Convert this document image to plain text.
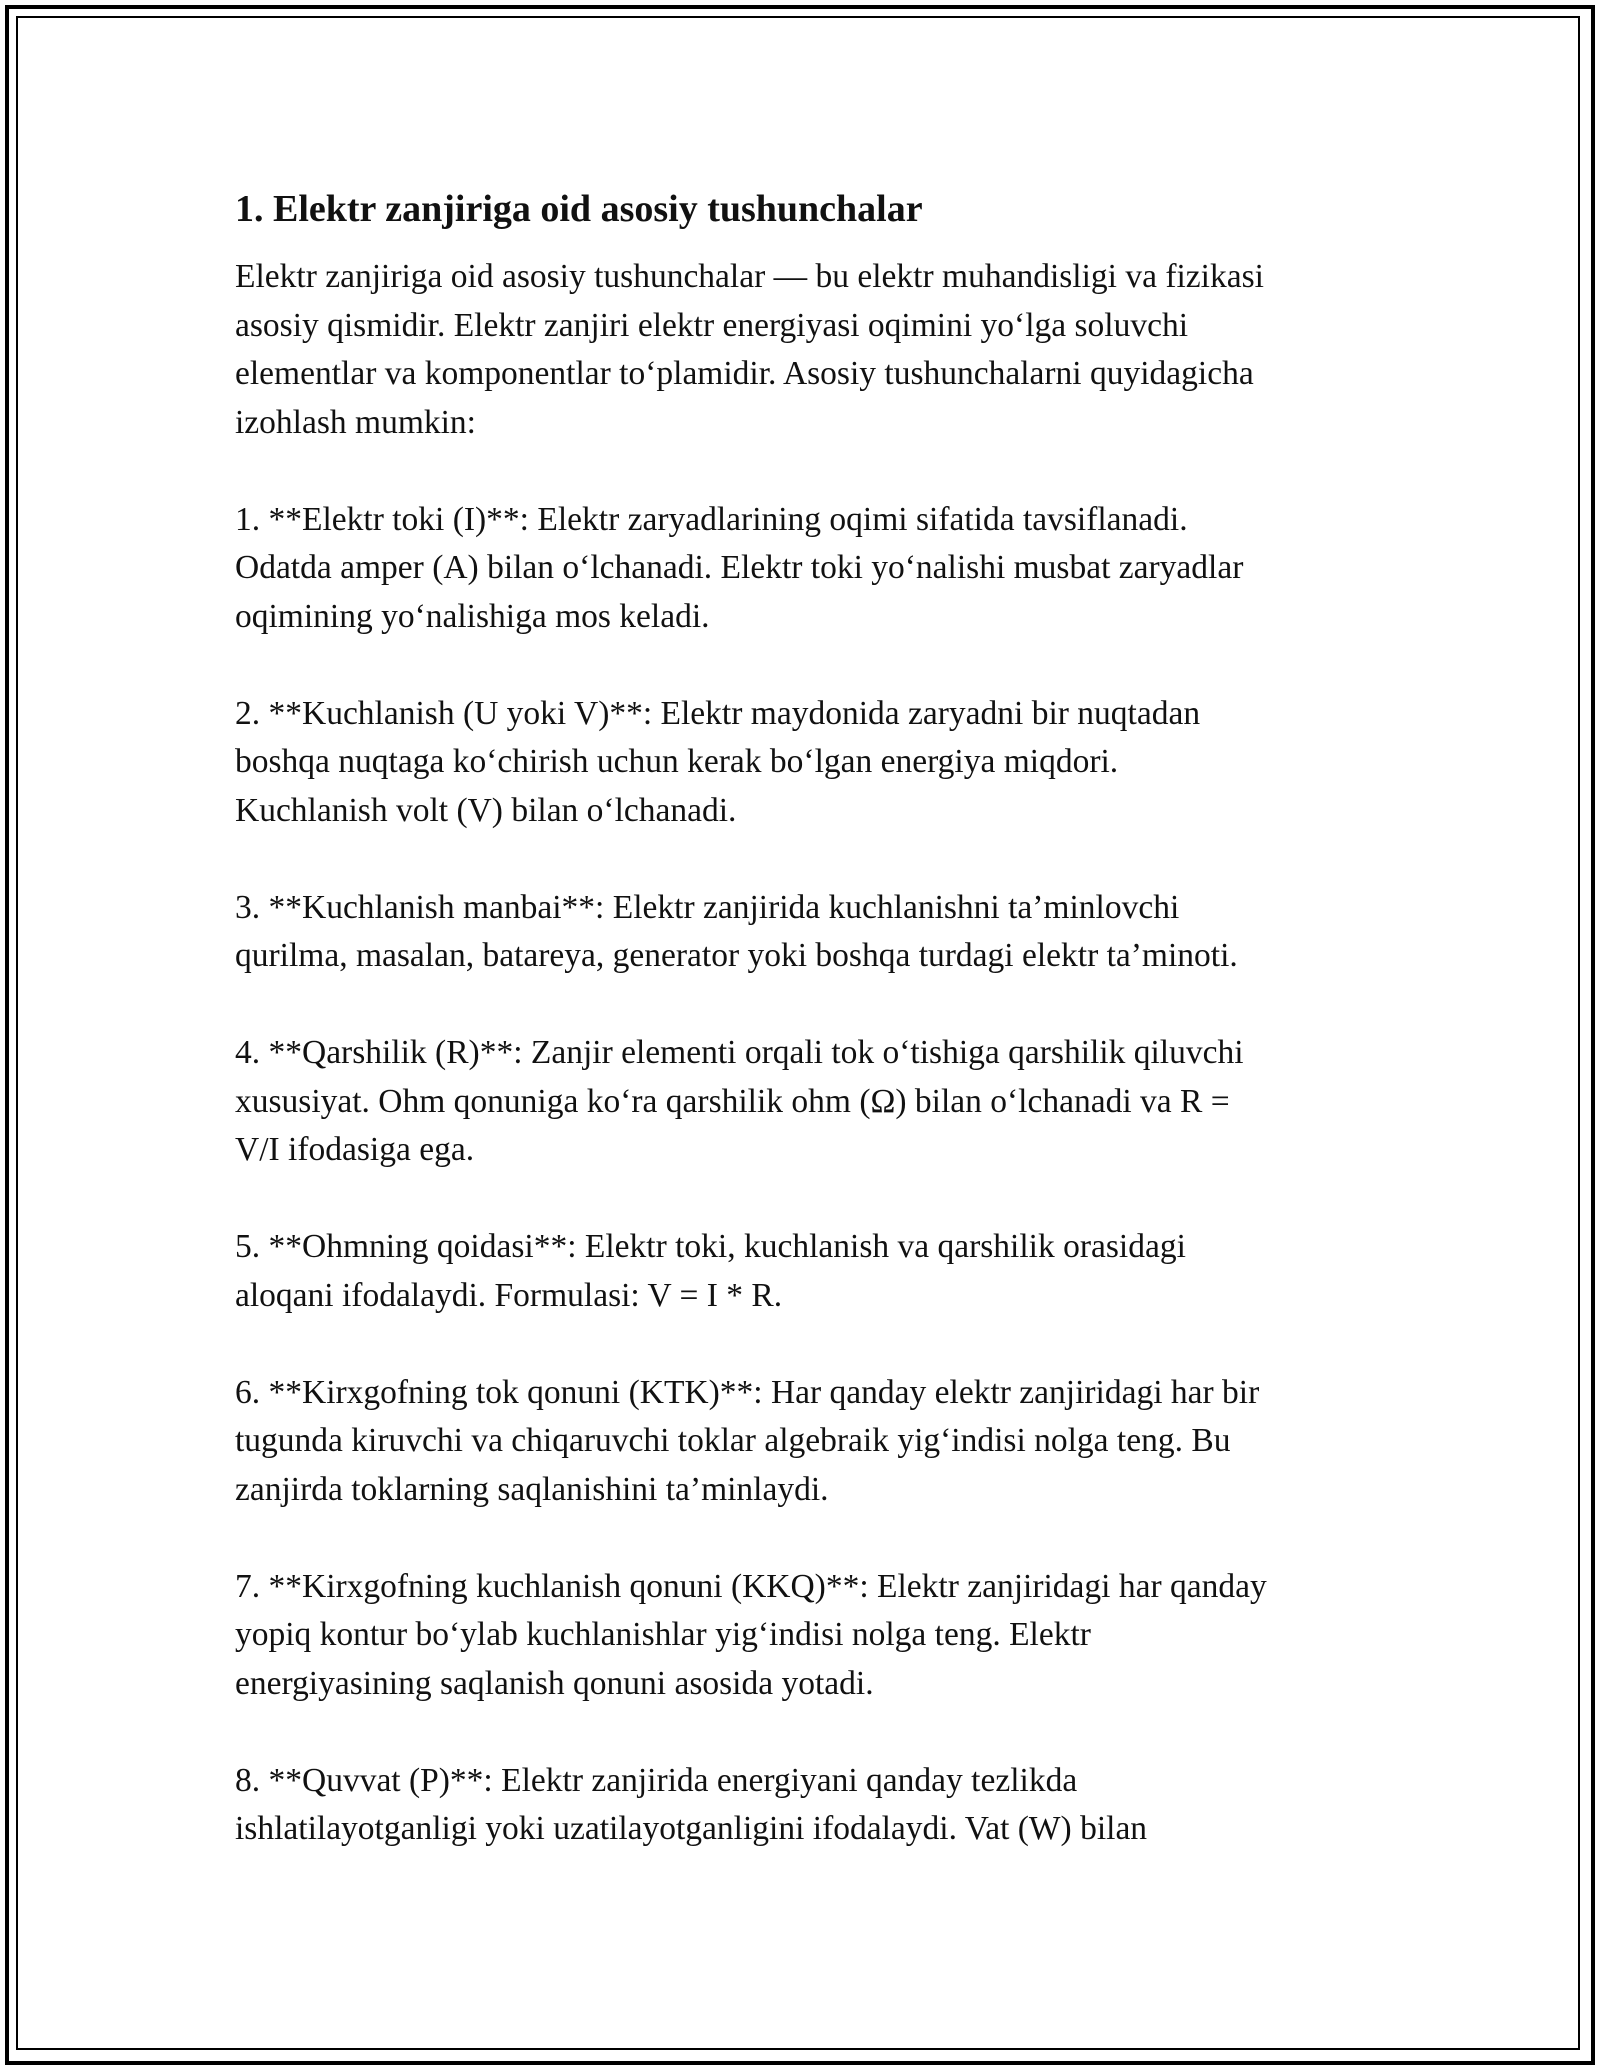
1. Elektr zanjiriga oid asosiy tushunchalar

Elektr zanjiriga oid asosiy tushunchalar — bu elektr muhandisligi va fizikasi
asosiy qismidir. Elektr zanjiri elektr energiyasi oqimini yo‘lga soluvchi
elementlar va komponentlar to‘plamidir. Asosiy tushunchalarni quyidagicha
izohlash mumkin:

1. **Elektr toki (I)**: Elektr zaryadlarining oqimi sifatida tavsiflanadi.
Odatda amper (A) bilan o‘lchanadi. Elektr toki yo‘nalishi musbat zaryadlar
oqimining yo‘nalishiga mos keladi.

2. **Kuchlanish (U yoki V)**: Elektr maydonida zaryadni bir nuqtadan
boshqa nuqtaga ko‘chirish uchun kerak bo‘lgan energiya miqdori.
Kuchlanish volt (V) bilan o‘lchanadi.

3. **Kuchlanish manbai**: Elektr zanjirida kuchlanishni ta’minlovchi
qurilma, masalan, batareya, generator yoki boshqa turdagi elektr ta’minoti.

4. **Qarshilik (R)**: Zanjir elementi orqali tok o‘tishiga qarshilik qiluvchi
xususiyat. Ohm qonuniga ko‘ra qarshilik ohm (Ω) bilan o‘lchanadi va R =
V/I ifodasiga ega.

5. **Ohmning qoidasi**: Elektr toki, kuchlanish va qarshilik orasidagi
aloqani ifodalaydi. Formulasi: V = I * R.

6. **Kirxgofning tok qonuni (KTK)**: Har qanday elektr zanjiridagi har bir
tugunda kiruvchi va chiqaruvchi toklar algebraik yig‘indisi nolga teng. Bu
zanjirda toklarning saqlanishini ta’minlaydi.

7. **Kirxgofning kuchlanish qonuni (KKQ)**: Elektr zanjiridagi har qanday
yopiq kontur bo‘ylab kuchlanishlar yig‘indisi nolga teng. Elektr
energiyasining saqlanish qonuni asosida yotadi.

8. **Quvvat (P)**: Elektr zanjirida energiyani qanday tezlikda
ishlatilayotganligi yoki uzatilayotganligini ifodalaydi. Vat (W) bilan
